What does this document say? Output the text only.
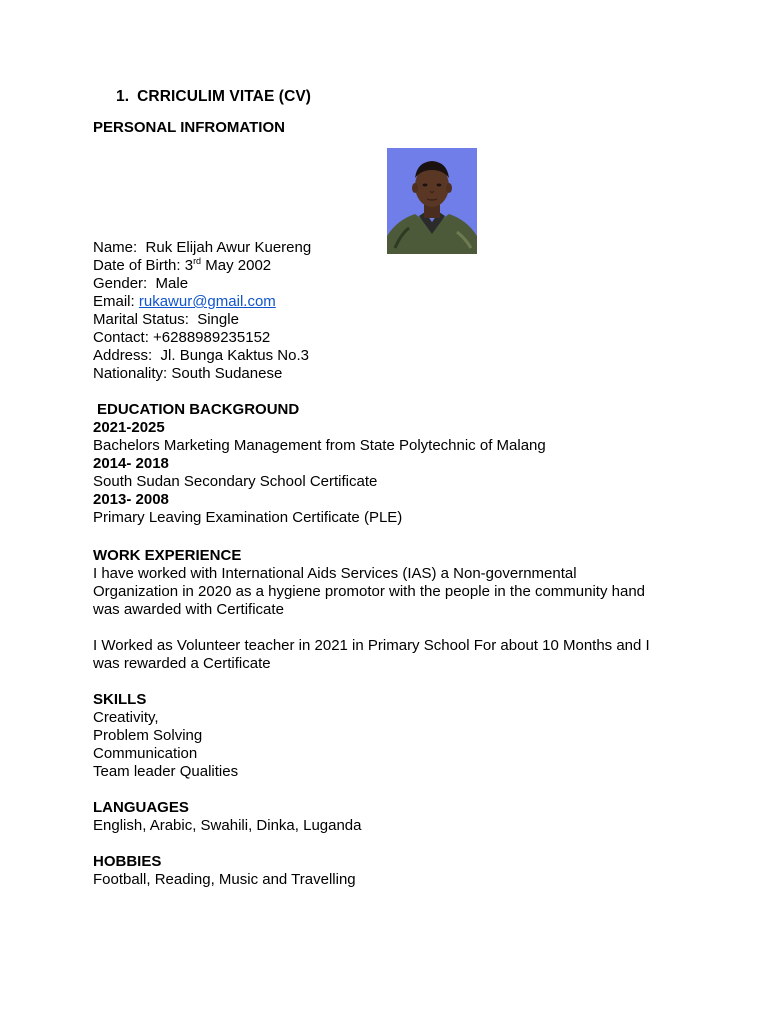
1. CRRICULIM VITAE (CV)
PERSONAL INFROMATION
Name: Ruk Elijah Awur Kuereng
Date of Birth: 3rd May 2002
Gender: Male
Email: rukawur@gmail.com
Marital Status: Single
Contact: +6288989235152
Address: Jl. Bunga Kaktus No.3
Nationality: South Sudanese
EDUCATION BACKGROUND
2021-2025
Bachelors Marketing Management from State Polytechnic of Malang
2014- 2018
South Sudan Secondary School Certificate
2013- 2008
Primary Leaving Examination Certificate (PLE)
WORK EXPERIENCE
I have worked with International Aids Services (IAS) a Non-governmental
Organization in 2020 as a hygiene promotor with the people in the community hand
was awarded with Certificate
I Worked as Volunteer teacher in 2021 in Primary School For about 10 Months and I
was rewarded a Certificate
SKILLS
Creativity,
Problem Solving
Communication
Team leader Qualities
LANGUAGES
English, Arabic, Swahili, Dinka, Luganda
HOBBIES
Football, Reading, Music and Travelling
